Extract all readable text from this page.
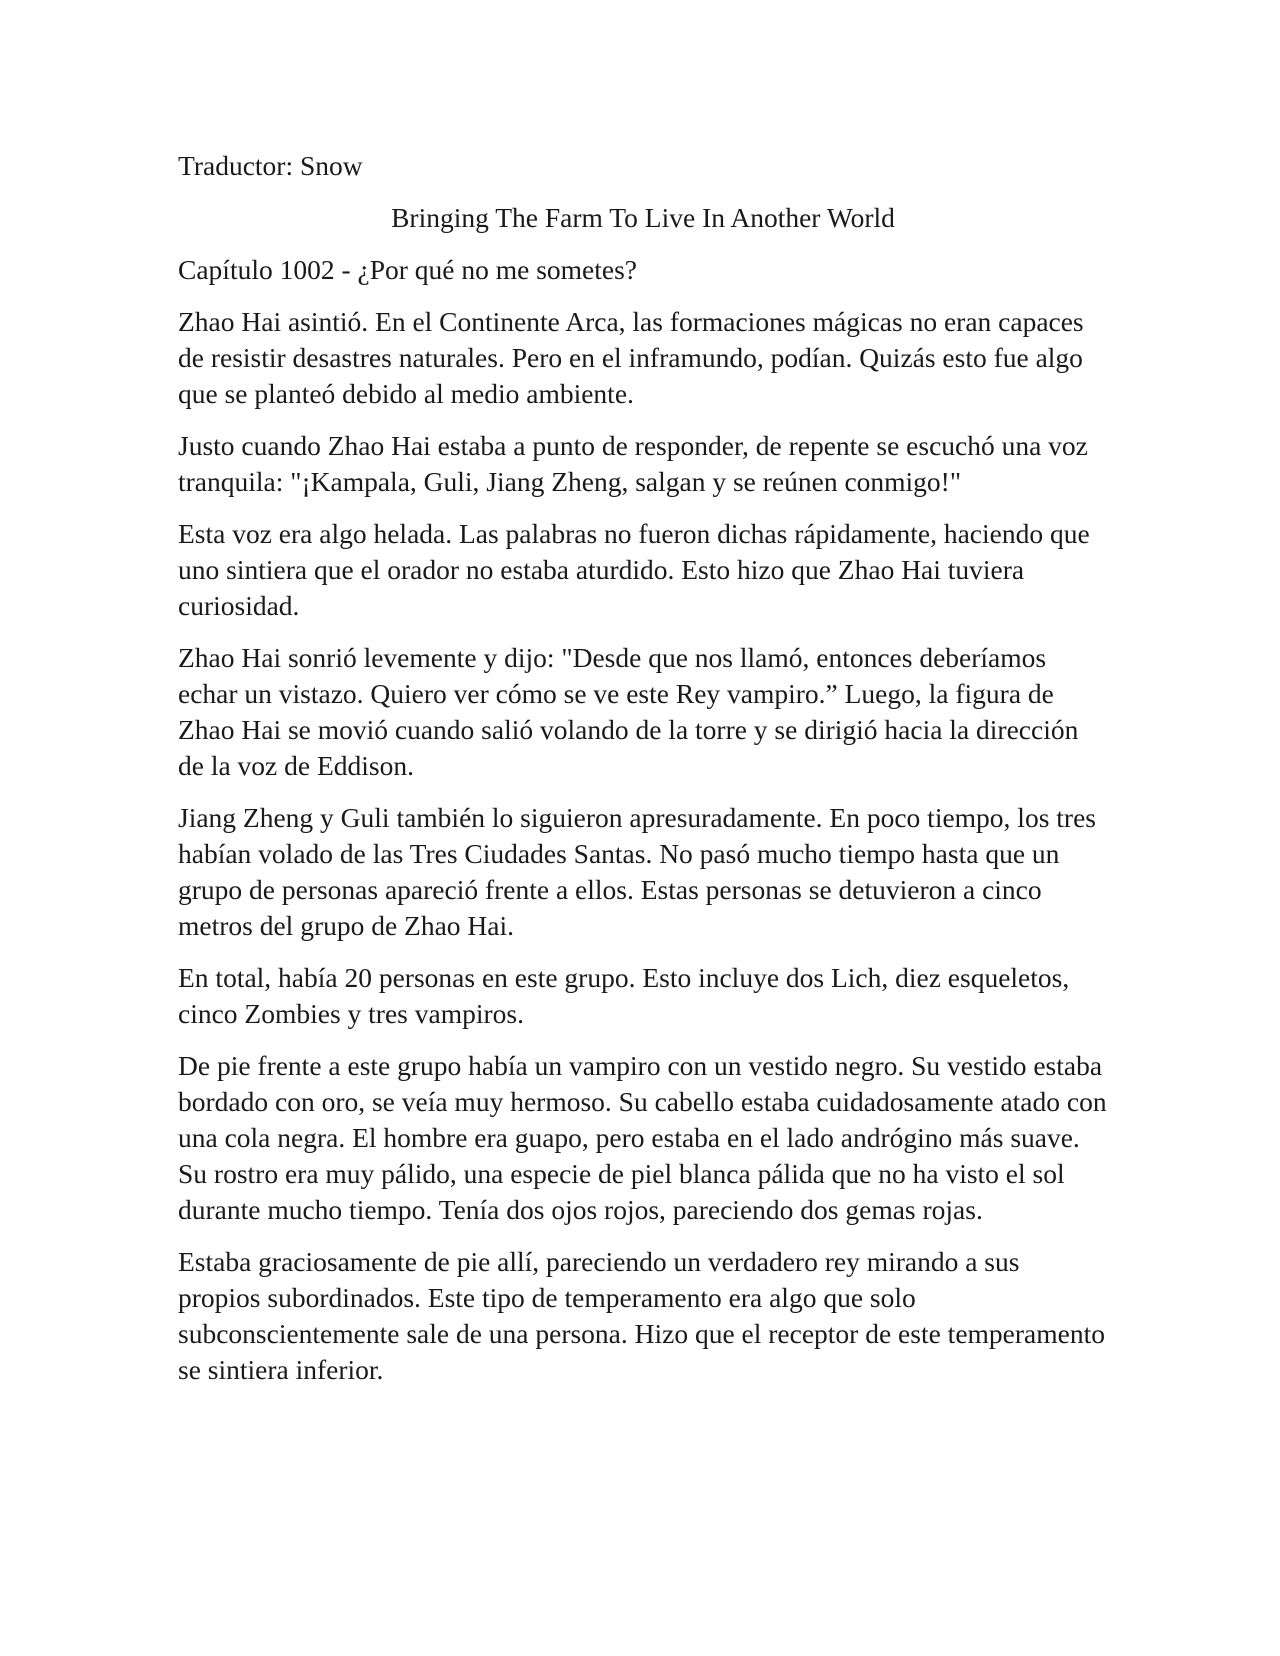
Traductor: Snow

Bringing The Farm To Live In Another World

Capítulo 1002 - ¿Por qué no me sometes?

Zhao Hai asintió. En el Continente Arca, las formaciones mágicas no eran capaces de resistir desastres naturales. Pero en el inframundo, podían. Quizás esto fue algo que se planteó debido al medio ambiente.

Justo cuando Zhao Hai estaba a punto de responder, de repente se escuchó una voz tranquila: "¡Kampala, Guli, Jiang Zheng, salgan y se reúnen conmigo!"

Esta voz era algo helada. Las palabras no fueron dichas rápidamente, haciendo que uno sintiera que el orador no estaba aturdido. Esto hizo que Zhao Hai tuviera curiosidad.

Zhao Hai sonrió levemente y dijo: "Desde que nos llamó, entonces deberíamos echar un vistazo. Quiero ver cómo se ve este Rey vampiro.” Luego, la figura de Zhao Hai se movió cuando salió volando de la torre y se dirigió hacia la dirección de la voz de Eddison.

Jiang Zheng y Guli también lo siguieron apresuradamente. En poco tiempo, los tres habían volado de las Tres Ciudades Santas. No pasó mucho tiempo hasta que un grupo de personas apareció frente a ellos. Estas personas se detuvieron a cinco metros del grupo de Zhao Hai.

En total, había 20 personas en este grupo. Esto incluye dos Lich, diez esqueletos, cinco Zombies y tres vampiros.

De pie frente a este grupo había un vampiro con un vestido negro. Su vestido estaba bordado con oro, se veía muy hermoso. Su cabello estaba cuidadosamente atado con una cola negra. El hombre era guapo, pero estaba en el lado andrógino más suave. Su rostro era muy pálido, una especie de piel blanca pálida que no ha visto el sol durante mucho tiempo. Tenía dos ojos rojos, pareciendo dos gemas rojas.

Estaba graciosamente de pie allí, pareciendo un verdadero rey mirando a sus propios subordinados. Este tipo de temperamento era algo que solo subconscientemente sale de una persona. Hizo que el receptor de este temperamento se sintiera inferior.
